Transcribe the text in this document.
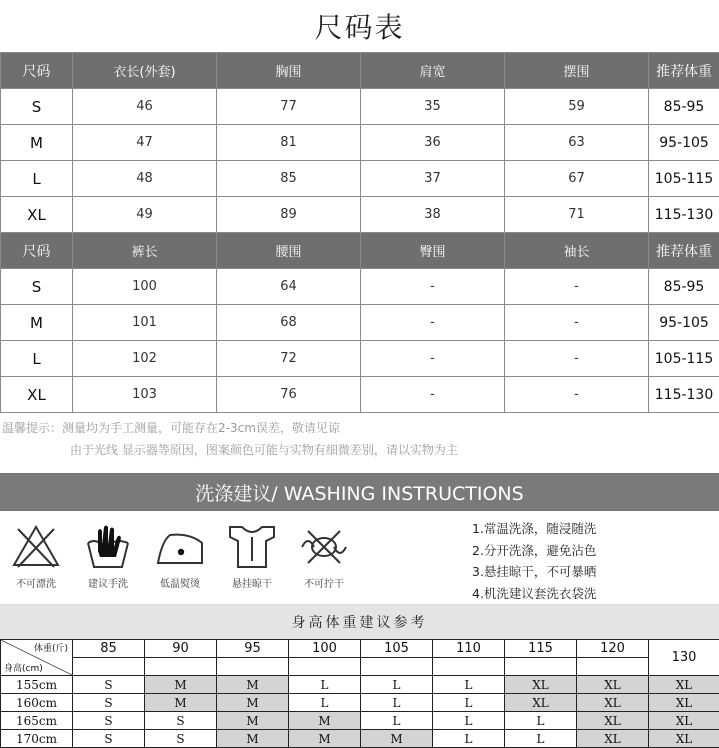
尺码表
尺码	衣长(外套)	胸围	肩宽	摆围	推荐体重
S	46	77	35	59	85-95
M	47	81	36	63	95-105
L	48	85	37	67	105-115
XL	49	89	38	71	115-130
尺码	裤长	腰围	臀围	袖长	推荐体重
S	100	64	-	-	85-95
M	101	68	-	-	95-105
L	102	72	-	-	105-115
XL	103	76	-	-	115-130
温馨提示：测量均为手工测量，可能存在2-3cm误差，敬请见谅
由于光线 显示器等原因，图案颜色可能与实物有细微差别，请以实物为主
洗涤建议/ WASHING INSTRUCTIONS
不可漂洗	建议手洗	低温熨烫	悬挂晾干	不可拧干
1.常温洗涤，随浸随洗
2.分开洗涤，避免沾色
3.悬挂晾干，不可暴晒
4.机洗建议套洗衣袋洗
身高体重建议参考
体重(斤)
身高(cm)	85	90	95	100	105	110	115	120	130

155cm	S	M	M	L	L	L	XL	XL	XL
160cm	S	M	M	L	L	L	XL	XL	XL
165cm	S	S	M	M	L	L	L	XL	XL
170cm	S	S	M	M	M	L	L	XL	XL
